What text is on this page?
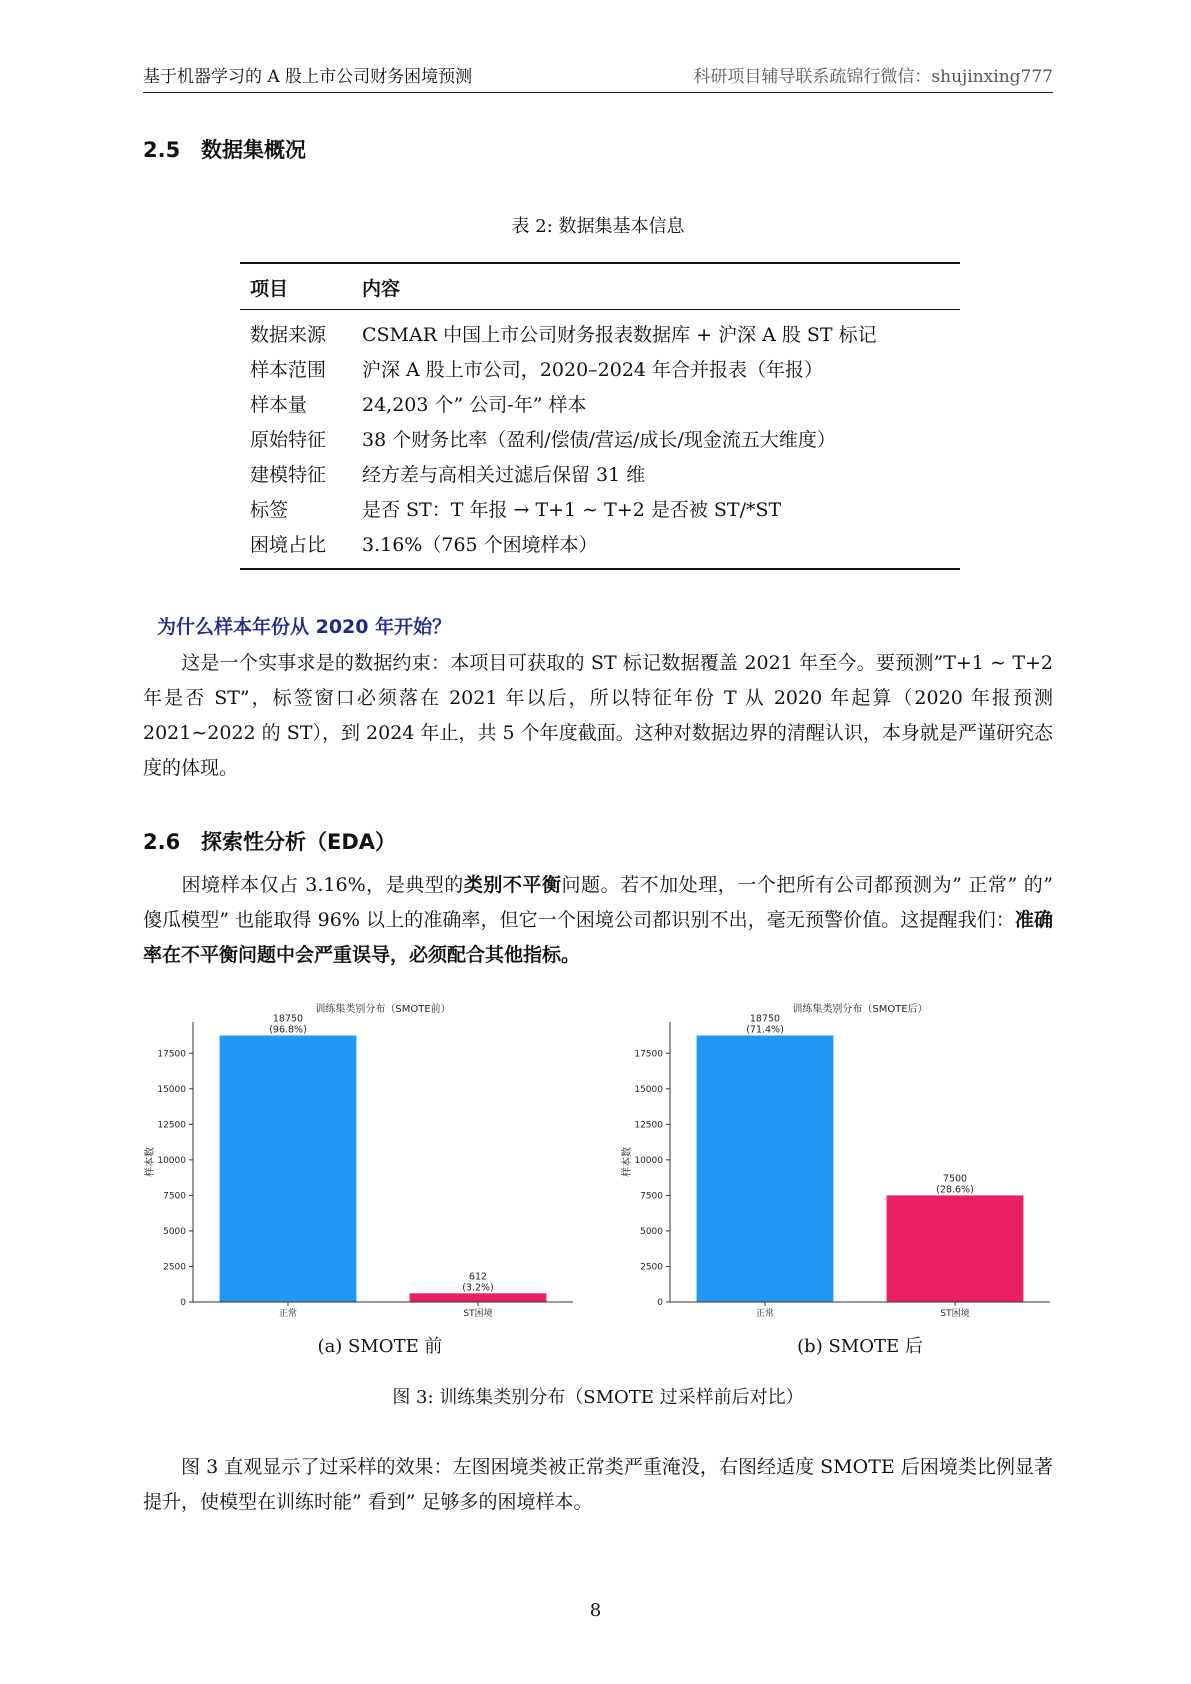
基于机器学习的 A 股上市公司财务困境预测	科研项目辅导联系疏锦行微信：shujinxing777
2.5 数据集概况
表 2: 数据集基本信息
项目	内容
数据来源	CSMAR 中国上市公司财务报表数据库 + 沪深 A 股 ST 标记
样本范围	沪深 A 股上市公司，2020–2024 年合并报表（年报）
样本量	24,203 个” 公司-年” 样本
原始特征	38 个财务比率（盈利/偿债/营运/成长/现金流五大维度）
建模特征	经方差与高相关过滤后保留 31 维
标签	是否 ST：T 年报 → T+1 ∼ T+2 是否被 ST/*ST
困境占比	3.16%（765 个困境样本）
为什么样本年份从 2020 年开始？
这是一个实事求是的数据约束：本项目可获取的 ST 标记数据覆盖 2021 年至今。要预测”T+1 ∼ T+2 年是否 ST”，标签窗口必须落在 2021 年以后，所以特征年份 T 从 2020 年起算（2020 年报预测 2021∼2022 的 ST），到 2024 年止，共 5 个年度截面。这种对数据边界的清醒认识，本身就是严谨研究态度的体现。
2.6 探索性分析（EDA）
困境样本仅占 3.16%，是典型的类别不平衡问题。若不加处理，一个把所有公司都预测为” 正常” 的” 傻瓜模型” 也能取得 96% 以上的准确率，但它一个困境公司都识别不出，毫无预警价值。这提醒我们：准确率在不平衡问题中会严重误导，必须配合其他指标。
训练集类别分布（SMOTE前）
样本数
0
2500
5000
7500
10000
12500
15000
17500
18750
(96.8%)
正常
612
(3.2%)
ST困境
训练集类别分布（SMOTE后）
样本数
0
2500
5000
7500
10000
12500
15000
17500
18750
(71.4%)
正常
7500
(28.6%)
ST困境
(a) SMOTE 前	(b) SMOTE 后
图 3: 训练集类别分布（SMOTE 过采样前后对比）
图 3 直观显示了过采样的效果：左图困境类被正常类严重淹没，右图经适度 SMOTE 后困境类比例显著提升，使模型在训练时能” 看到” 足够多的困境样本。
8
